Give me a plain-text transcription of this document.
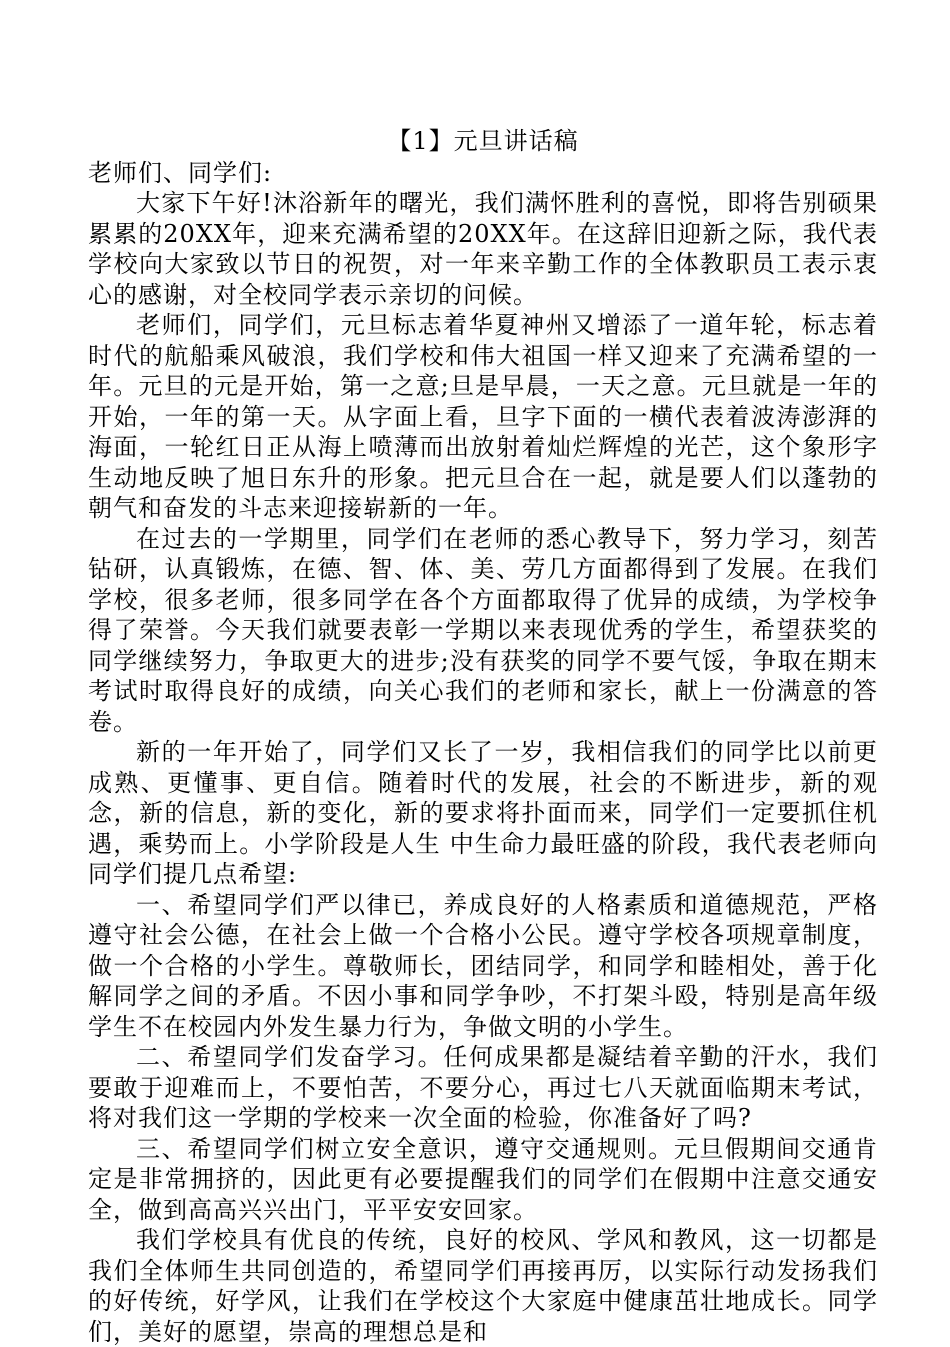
【1】元旦讲话稿

老师们、同学们:

大家下午好!沐浴新年的曙光，我们满怀胜利的喜悦，即将告别硕果累累的20XX年，迎来充满希望的20XX年。在这辞旧迎新之际，我代表学校向大家致以节日的祝贺，对一年来辛勤工作的全体教职员工表示衷心的感谢，对全校同学表示亲切的问候。

老师们，同学们，元旦标志着华夏神州又增添了一道年轮，标志着时代的航船乘风破浪，我们学校和伟大祖国一样又迎来了充满希望的一年。元旦的元是开始，第一之意;旦是早晨，一天之意。元旦就是一年的开始，一年的第一天。从字面上看，旦字下面的一横代表着波涛澎湃的海面，一轮红日正从海上喷薄而出放射着灿烂辉煌的光芒，这个象形字生动地反映了旭日东升的形象。把元旦合在一起，就是要人们以蓬勃的朝气和奋发的斗志来迎接崭新的一年。

在过去的一学期里，同学们在老师的悉心教导下，努力学习，刻苦钻研，认真锻炼，在德、智、体、美、劳几方面都得到了发展。在我们学校，很多老师，很多同学在各个方面都取得了优异的成绩，为学校争得了荣誉。今天我们就要表彰一学期以来表现优秀的学生，希望获奖的同学继续努力，争取更大的进步;没有获奖的同学不要气馁，争取在期末考试时取得良好的成绩，向关心我们的老师和家长，献上一份满意的答卷。

新的一年开始了，同学们又长了一岁，我相信我们的同学比以前更成熟、更懂事、更自信。随着时代的发展，社会的不断进步，新的观念，新的信息，新的变化，新的要求将扑面而来，同学们一定要抓住机遇，乘势而上。小学阶段是人生 中生命力最旺盛的阶段，我代表老师向同学们提几点希望:

一、希望同学们严以律已，养成良好的人格素质和道德规范，严格遵守社会公德，在社会上做一个合格小公民。遵守学校各项规章制度，做一个合格的小学生。尊敬师长，团结同学，和同学和睦相处，善于化解同学之间的矛盾。不因小事和同学争吵，不打架斗殴，特别是高年级学生不在校园内外发生暴力行为，争做文明的小学生。

二、希望同学们发奋学习。任何成果都是凝结着辛勤的汗水，我们要敢于迎难而上，不要怕苦，不要分心，再过七八天就面临期末考试，将对我们这一学期的学校来一次全面的检验，你准备好了吗?

三、希望同学们树立安全意识，遵守交通规则。元旦假期间交通肯定是非常拥挤的，因此更有必要提醒我们的同学们在假期中注意交通安全，做到高高兴兴出门，平平安安回家。

我们学校具有优良的传统，良好的校风、学风和教风，这一切都是我们全体师生共同创造的，希望同学们再接再厉，以实际行动发扬我们的好传统，好学风，让我们在学校这个大家庭中健康茁壮地成长。同学们，美好的愿望，崇高的理想总是和
